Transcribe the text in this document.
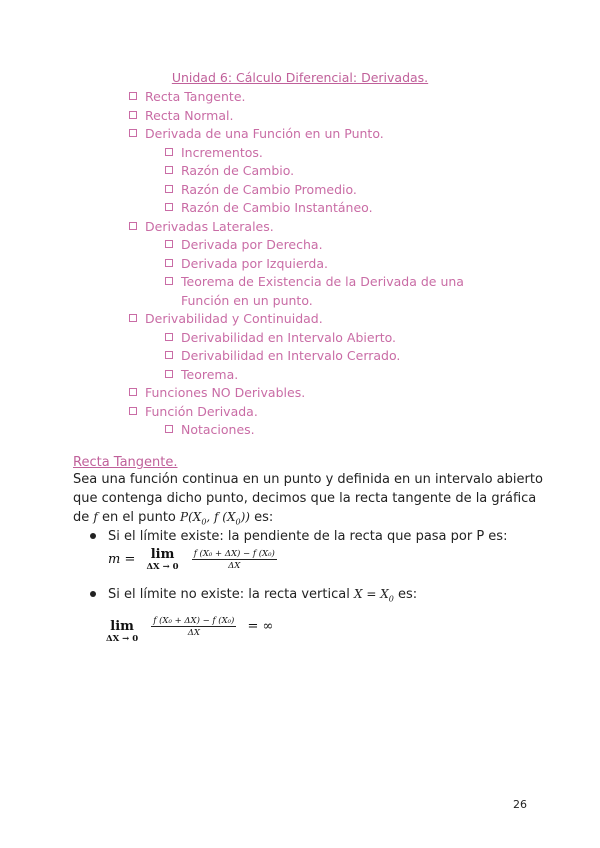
Unidad 6: Cálculo Diferencial: Derivadas.
Recta Tangente.
Recta Normal.
Derivada de una Función en un Punto.
Incrementos.
Razón de Cambio.
Razón de Cambio Promedio.
Razón de Cambio Instantáneo.
Derivadas Laterales.
Derivada por Derecha.
Derivada por Izquierda.
Teorema de Existencia de la Derivada de una Función en un punto.
Derivabilidad y Continuidad.
Derivabilidad en Intervalo Abierto.
Derivabilidad en Intervalo Cerrado.
Teorema.
Funciones NO Derivables.
Función Derivada.
Notaciones.
Recta Tangente.
Sea una función continua en un punto y definida en un intervalo abierto que contenga dicho punto, decimos que la recta tangente de la gráfica de f en el punto $P(X_0$, f $(X_0)$) es:
Si el límite existe: la pendiente de la recta que pasa por P es:
m =	lim
ΔX → 0
$\frac{\text{f (X₀ + ΔX) − f (X₀)}}{\Delta X}$
Si el límite no existe: la recta vertical $X = X_0$ es:
lim
ΔX → 0

$\frac{\text{f (X₀ + ΔX) − f (X₀)}}{\Delta X}$ = ∞
26
